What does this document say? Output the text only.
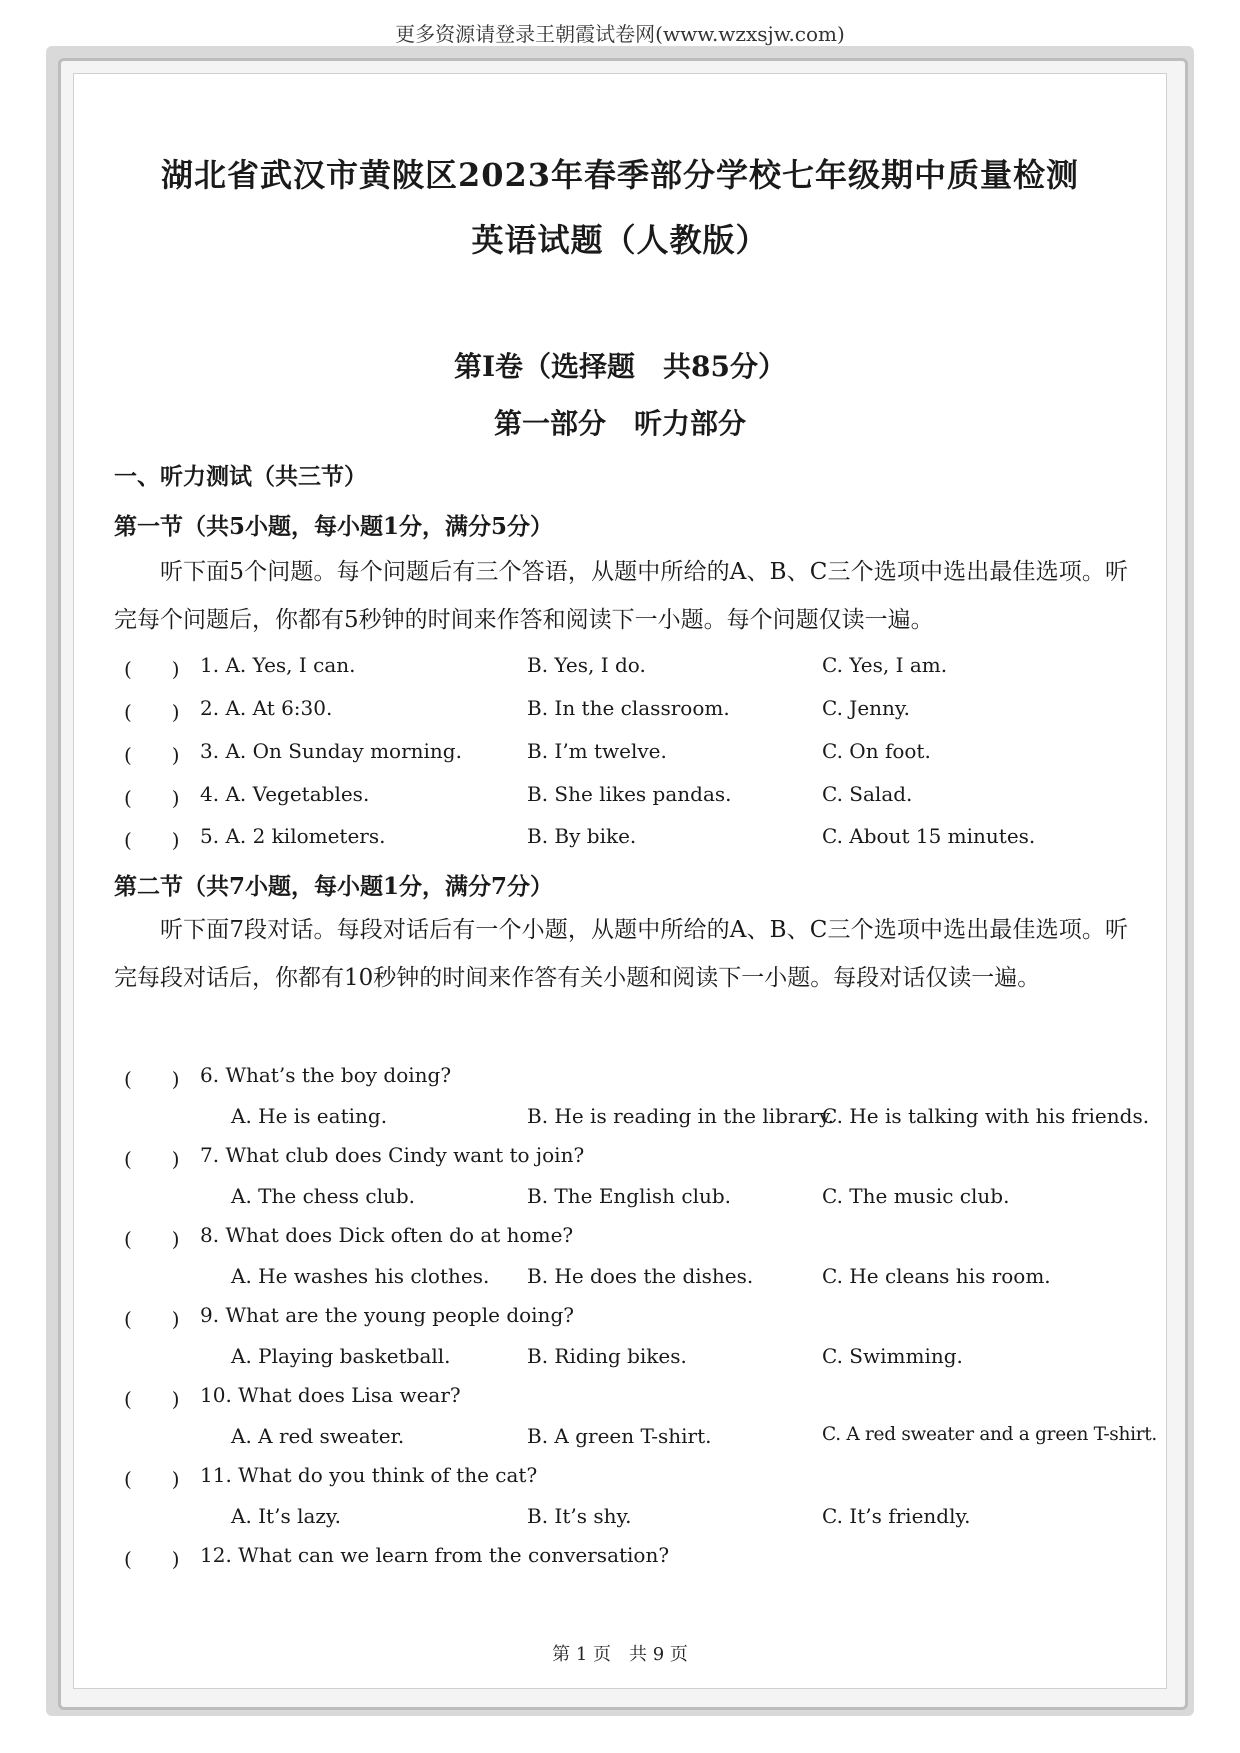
更多资源请登录王朝霞试卷网(www.wzxsjw.com)
湖北省武汉市黄陂区2023年春季部分学校七年级期中质量检测
英语试题（人教版）
第Ⅰ卷（选择题　共85分）
第一部分　听力部分
一、听力测试（共三节）
第一节（共5小题，每小题1分，满分5分）
听下面5个问题。每个问题后有三个答语，从题中所给的A、B、C三个选项中选出最佳选项。听完每个问题后，你都有5秒钟的时间来作答和阅读下一小题。每个问题仅读一遍。
(　　) 1. A. Yes, I can.	B. Yes, I do.	C. Yes, I am.
(　　) 2. A. At 6:30.	B. In the classroom.	C. Jenny.
(　　) 3. A. On Sunday morning.	B. I’m twelve.	C. On foot.
(　　) 4. A. Vegetables.	B. She likes pandas.	C. Salad.
(　　) 5. A. 2 kilometers.	B. By bike.	C. About 15 minutes.
第二节（共7小题，每小题1分，满分7分）
听下面7段对话。每段对话后有一个小题，从题中所给的A、B、C三个选项中选出最佳选项。听完每段对话后，你都有10秒钟的时间来作答有关小题和阅读下一小题。每段对话仅读一遍。
(　　) 6. What’s the boy doing?
A. He is eating.	B. He is reading in the library.
C. He is talking with his friends.
(　　) 7. What club does Cindy want to join?
A. The chess club.	B. The English club.	C. The music club.
(　　) 8. What does Dick often do at home?
A. He washes his clothes. B. He does the dishes.	C. He cleans his room.
(　　) 9. What are the young people doing?
A. Playing basketball.	B. Riding bikes.	C. Swimming.
(　　) 10. What does Lisa wear?
A. A red sweater.	B. A green T-shirt.	C. A red sweater and a green T-shirt.
(　　) 11. What do you think of the cat?
A. It’s lazy.	B. It’s shy.	C. It’s friendly.
(　　) 12. What can we learn from the conversation?
第 1 页　共 9 页
